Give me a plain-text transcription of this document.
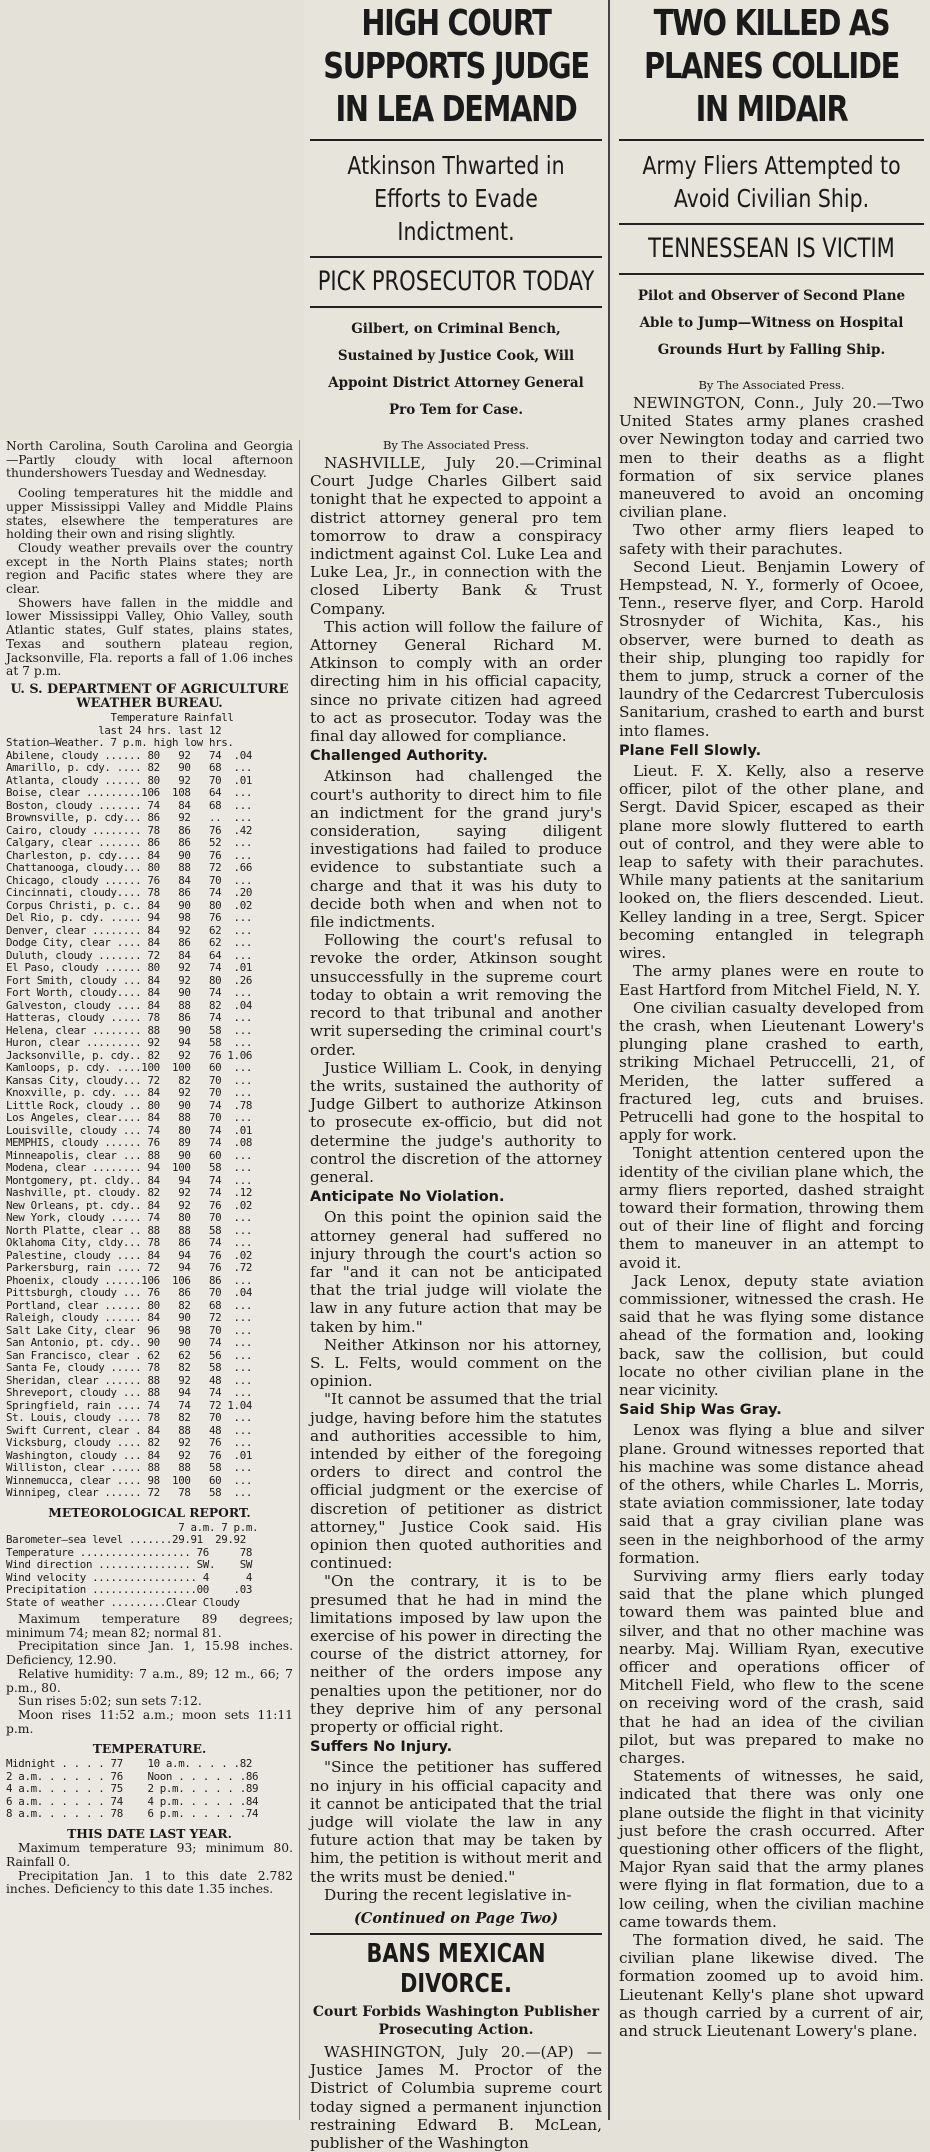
North Carolina, South Carolina and Georgia—Partly cloudy with local afternoon thundershowers Tuesday and Wednesday.

Cooling temperatures hit the middle and upper Mississippi Valley and Middle Plains states, elsewhere the temperatures are holding their own and rising slightly.

Cloudy weather prevails over the country except in the North Plains states; north region and Pacific states where they are clear.

Showers have fallen in the middle and lower Mississippi Valley, Ohio Valley, south Atlantic states, Gulf states, plains states, Texas and southern plateau region, Jacksonville, Fla. reports a fall of 1.06 inches at 7 p.m.

U. S. DEPARTMENT OF AGRICULTURE WEATHER BUREAU.

Temperature Rainfall
last 24 hrs. last 12
Station—Weather. 7 p.m. high low hrs.
Abilene, cloudy ...... 80   92   74  .04
Amarillo, p. cdy. .... 82   90   68  ...
Atlanta, cloudy ...... 80   92   70  .01
Boise, clear .........106  108   64  ...
Boston, cloudy ....... 74   84   68  ...
Brownsville, p. cdy... 86   92   ..  ...
Cairo, cloudy ........ 78   86   76  .42
Calgary, clear ....... 86   86   52  ...
Charleston, p. cdy.... 84   90   76  ...
Chattanooga, cloudy... 80   88   72  .66
Chicago, cloudy ...... 76   84   70  ...
Cincinnati, cloudy.... 78   86   74  .20
Corpus Christi, p. c.. 84   90   80  .02
Del Rio, p. cdy. ..... 94   98   76  ...
Denver, clear ........ 84   92   62  ...
Dodge City, clear .... 84   86   62  ...
Duluth, cloudy ....... 72   84   64  ...
El Paso, cloudy ...... 80   92   74  .01
Fort Smith, cloudy ... 84   92   80  .26
Fort Worth, cloudy.... 84   90   74  ...
Galveston, cloudy .... 84   88   82  .04
Hatteras, cloudy ..... 78   86   74  ...
Helena, clear ........ 88   90   58  ...
Huron, clear ......... 92   94   58  ...
Jacksonville, p. cdy.. 82   92   76 1.06
Kamloops, p. cdy. ....100  100   60  ...
Kansas City, cloudy... 72   82   70  ...
Knoxville, p. cdy. ... 84   92   70  ...
Little Rock, cloudy .. 80   90   74  .78
Los Angeles, clear.... 84   88   70  ...
Louisville, cloudy ... 74   80   74  .01
MEMPHIS, cloudy ...... 76   89   74  .08
Minneapolis, clear ... 88   90   60  ...
Modena, clear ........ 94  100   58  ...
Montgomery, pt. cldy.. 84   94   74  ...
Nashville, pt. cloudy. 82   92   74  .12
New Orleans, pt. cdy.. 84   92   76  .02
New York, cloudy ..... 74   80   70  ...
North Platte, clear .. 88   88   58  ...
Oklahoma City, cldy... 78   86   74  ...
Palestine, cloudy .... 84   94   76  .02
Parkersburg, rain .... 72   94   76  .72
Phoenix, cloudy ......106  106   86  ...
Pittsburgh, cloudy ... 76   86   70  .04
Portland, clear ...... 80   82   68  ...
Raleigh, cloudy ...... 84   90   72  ...
Salt Lake City, clear  96   98   70  ...
San Antonio, pt. cdy.. 90   90   74  ...
San Francisco, clear . 62   62   56  ...
Santa Fe, cloudy ..... 78   82   58  ...
Sheridan, clear ...... 88   92   48  ...
Shreveport, cloudy ... 88   94   74  ...
Springfield, rain .... 74   74   72 1.04
St. Louis, cloudy .... 78   82   70  ...
Swift Current, clear . 84   88   48  ...
Vicksburg, cloudy .... 82   92   76  ...
Washington, cloudy ... 84   92   76  .01
Williston, clear ..... 88   88   58  ...
Winnemucca, clear .... 98  100   60  ...
Winnipeg, clear ...... 72   78   58  ...

METEOROLOGICAL REPORT.

7 a.m. 7 p.m.
Barometer—sea level .......29.91  29.92
Temperature .................. 76     78
Wind direction ............... SW.    SW
Wind velocity ................. 4      4
Precipitation .................00    .03
State of weather .........Clear Cloudy

Maximum temperature 89 degrees; minimum 74; mean 82; normal 81.

Precipitation since Jan. 1, 15.98 inches. Deficiency, 12.90.

Relative humidity: 7 a.m., 89; 12 m., 66; 7 p.m., 80.

Sun rises 5:02; sun sets 7:12.

Moon rises 11:52 a.m.; moon sets 11:11 p.m.

TEMPERATURE.

Midnight . . . . 77    10 a.m. . . . .82
2 a.m. . . . . . 76    Noon . . . . . .86
4 a.m. . . . . . 75    2 p.m. . . . . .89
6 a.m. . . . . . 74    4 p.m. . . . . .84
8 a.m. . . . . . 78    6 p.m. . . . . .74

THIS DATE LAST YEAR.

Maximum temperature 93; minimum 80. Rainfall 0.

Precipitation Jan. 1 to this date 2.782 inches. Deficiency to this date 1.35 inches.

HIGH COURT SUPPORTS JUDGE IN LEA DEMAND
Atkinson Thwarted in Efforts to Evade Indictment.
PICK PROSECUTOR TODAY
Gilbert, on Criminal Bench, Sustained by Justice Cook, Will Appoint District Attorney General Pro Tem for Case.
By The Associated Press.

NASHVILLE, July 20.—Criminal Court Judge Charles Gilbert said tonight that he expected to appoint a district attorney general pro tem tomorrow to draw a conspiracy indictment against Col. Luke Lea and Luke Lea, Jr., in connection with the closed Liberty Bank & Trust Company.

This action will follow the failure of Attorney General Richard M. Atkinson to comply with an order directing him in his official capacity, since no private citizen had agreed to act as prosecutor. Today was the final day allowed for compliance.

Challenged Authority.

Atkinson had challenged the court's authority to direct him to file an indictment for the grand jury's consideration, saying diligent investigations had failed to produce evidence to substantiate such a charge and that it was his duty to decide both when and when not to file indictments.

Following the court's refusal to revoke the order, Atkinson sought unsuccessfully in the supreme court today to obtain a writ removing the record to that tribunal and another writ superseding the criminal court's order.

Justice William L. Cook, in denying the writs, sustained the authority of Judge Gilbert to authorize Atkinson to prosecute ex-officio, but did not determine the judge's authority to control the discretion of the attorney general.

Anticipate No Violation.

On this point the opinion said the attorney general had suffered no injury through the court's action so far "and it can not be anticipated that the trial judge will violate the law in any future action that may be taken by him."

Neither Atkinson nor his attorney, S. L. Felts, would comment on the opinion.

"It cannot be assumed that the trial judge, having before him the statutes and authorities accessible to him, intended by either of the foregoing orders to direct and control the official judgment or the exercise of discretion of petitioner as district attorney," Justice Cook said. His opinion then quoted authorities and continued:

"On the contrary, it is to be presumed that he had in mind the limitations imposed by law upon the exercise of his power in directing the course of the district attorney, for neither of the orders impose any penalties upon the petitioner, nor do they deprive him of any personal property or official right.

Suffers No Injury.

"Since the petitioner has suffered no injury in his official capacity and it cannot be anticipated that the trial judge will violate the law in any future action that may be taken by him, the petition is without merit and the writs must be denied."

During the recent legislative in-

(Continued on Page Two)
BANS MEXICAN DIVORCE.
Court Forbids Washington Publisher Prosecuting Action.

WASHINGTON, July 20.—(AP) —Justice James M. Proctor of the District of Columbia supreme court today signed a permanent injunction restraining Edward B. McLean, publisher of the Washington

TWO KILLED AS PLANES COLLIDE IN MIDAIR
Army Fliers Attempted to Avoid Civilian Ship.
TENNESSEAN IS VICTIM
Pilot and Observer of Second Plane Able to Jump—Witness on Hospital Grounds Hurt by Falling Ship.
By The Associated Press.

NEWINGTON, Conn., July 20.—Two United States army planes crashed over Newington today and carried two men to their deaths as a flight formation of six service planes maneuvered to avoid an oncoming civilian plane.

Two other army fliers leaped to safety with their parachutes.

Second Lieut. Benjamin Lowery of Hempstead, N. Y., formerly of Ocoee, Tenn., reserve flyer, and Corp. Harold Strosnyder of Wichita, Kas., his observer, were burned to death as their ship, plunging too rapidly for them to jump, struck a corner of the laundry of the Cedarcrest Tuberculosis Sanitarium, crashed to earth and burst into flames.

Plane Fell Slowly.

Lieut. F. X. Kelly, also a reserve officer, pilot of the other plane, and Sergt. David Spicer, escaped as their plane more slowly fluttered to earth out of control, and they were able to leap to safety with their parachutes. While many patients at the sanitarium looked on, the fliers descended. Lieut. Kelley landing in a tree, Sergt. Spicer becoming entangled in telegraph wires.

The army planes were en route to East Hartford from Mitchel Field, N. Y.

One civilian casualty developed from the crash, when Lieutenant Lowery's plunging plane crashed to earth, striking Michael Petruccelli, 21, of Meriden, the latter suffered a fractured leg, cuts and bruises. Petrucelli had gone to the hospital to apply for work.

Tonight attention centered upon the identity of the civilian plane which, the army fliers reported, dashed straight toward their formation, throwing them out of their line of flight and forcing them to maneuver in an attempt to avoid it.

Jack Lenox, deputy state aviation commissioner, witnessed the crash. He said that he was flying some distance ahead of the formation and, looking back, saw the collision, but could locate no other civilian plane in the near vicinity.

Said Ship Was Gray.

Lenox was flying a blue and silver plane. Ground witnesses reported that his machine was some distance ahead of the others, while Charles L. Morris, state aviation commissioner, late today said that a gray civilian plane was seen in the neighborhood of the army formation.

Surviving army fliers early today said that the plane which plunged toward them was painted blue and silver, and that no other machine was nearby. Maj. William Ryan, executive officer and operations officer of Mitchell Field, who flew to the scene on receiving word of the crash, said that he had an idea of the civilian pilot, but was prepared to make no charges.

Statements of witnesses, he said, indicated that there was only one plane outside the flight in that vicinity just before the crash occurred. After questioning other officers of the flight, Major Ryan said that the army planes were flying in flat formation, due to a low ceiling, when the civilian machine came towards them.

The formation dived, he said. The civilian plane likewise dived. The formation zoomed up to avoid him. Lieutenant Kelly's plane shot upward as though carried by a current of air, and struck Lieutenant Lowery's plane.
